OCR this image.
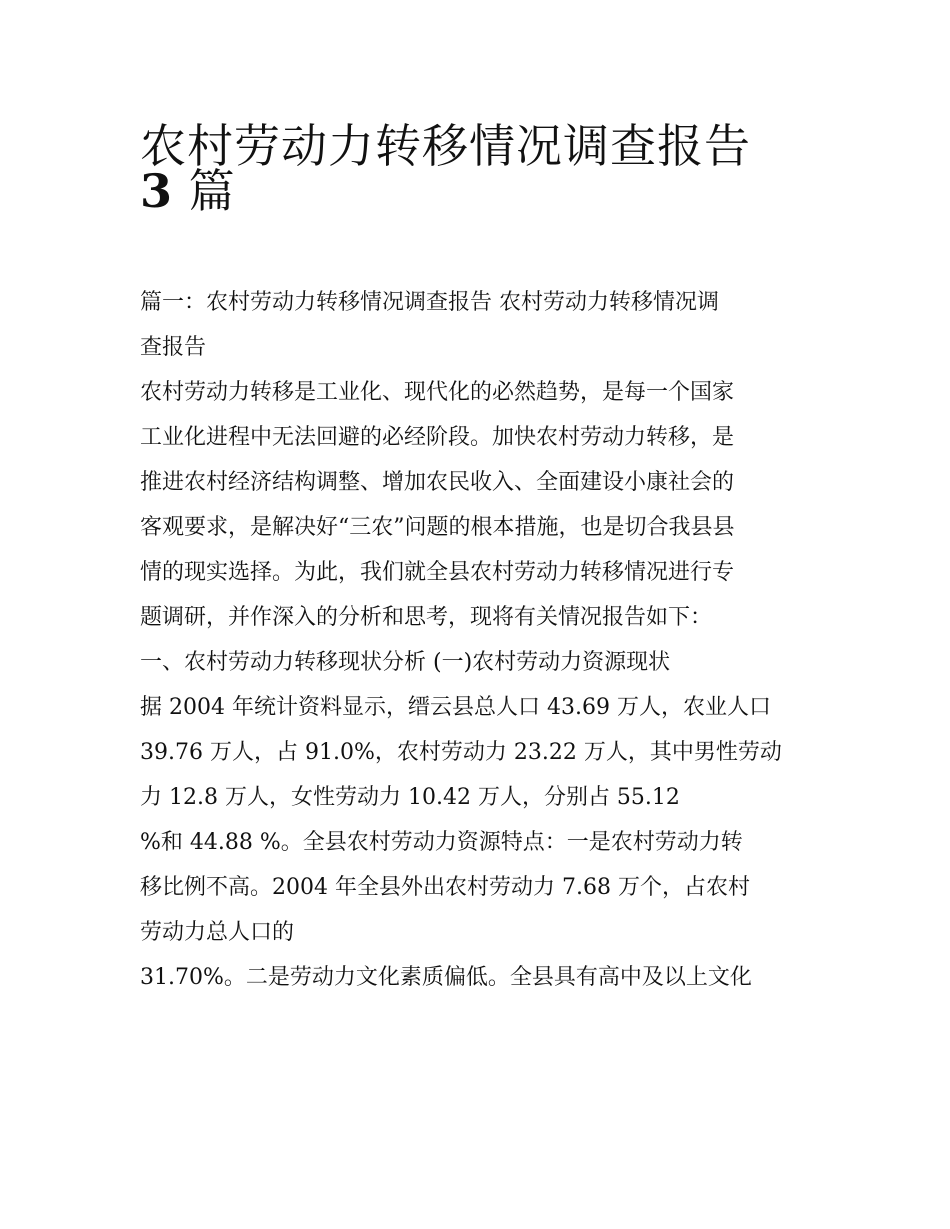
农村劳动力转移情况调查报告
3 篇
篇一：农村劳动力转移情况调查报告 农村劳动力转移情况调
查报告
农村劳动力转移是工业化、现代化的必然趋势，是每一个国家
工业化进程中无法回避的必经阶段。加快农村劳动力转移，是
推进农村经济结构调整、增加农民收入、全面建设小康社会的
客观要求，是解决好“三农”问题的根本措施，也是切合我县县
情的现实选择。为此，我们就全县农村劳动力转移情况进行专
题调研，并作深入的分析和思考，现将有关情况报告如下：
一、农村劳动力转移现状分析 (一)农村劳动力资源现状
据 2004 年统计资料显示，缙云县总人口 43.69 万人，农业人口
39.76 万人，占 91.0%，农村劳动力 23.22 万人，其中男性劳动
力 12.8 万人，女性劳动力 10.42 万人，分别占 55.12
%和 44.88 %。全县农村劳动力资源特点：一是农村劳动力转
移比例不高。2004 年全县外出农村劳动力 7.68 万个，占农村
劳动力总人口的
31.70%。二是劳动力文化素质偏低。全县具有高中及以上文化
